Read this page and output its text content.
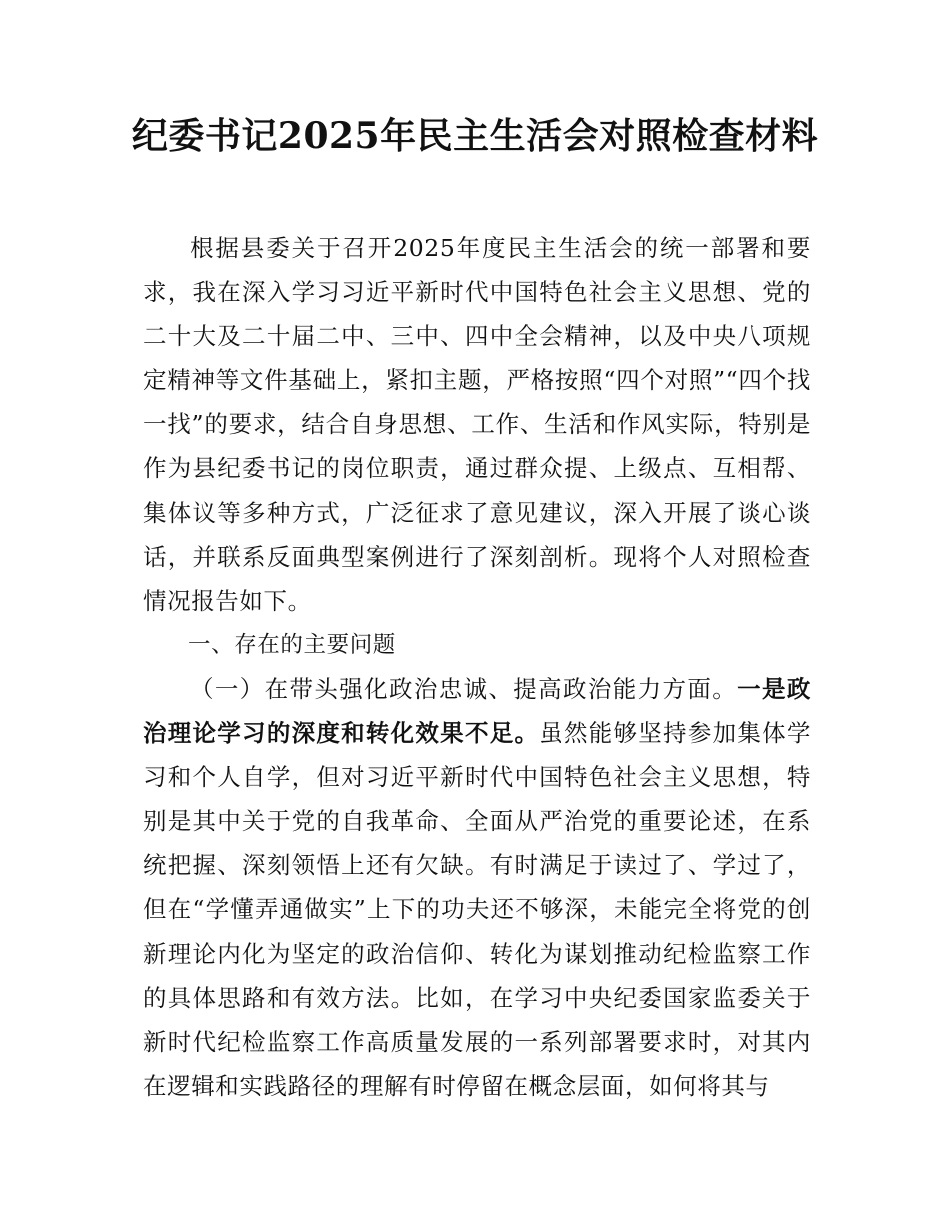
纪委书记2025年民主生活会对照检查材料

根据县委关于召开2025年度民主生活会的统一部署和要求，我在深入学习习近平新时代中国特色社会主义思想、党的二十大及二十届二中、三中、四中全会精神，以及中央八项规定精神等文件基础上，紧扣主题，严格按照“四个对照”“四个找一找”的要求，结合自身思想、工作、生活和作风实际，特别是作为县纪委书记的岗位职责，通过群众提、上级点、互相帮、集体议等多种方式，广泛征求了意见建议，深入开展了谈心谈话，并联系反面典型案例进行了深刻剖析。现将个人对照检查情况报告如下。

一、存在的主要问题

（一）在带头强化政治忠诚、提高政治能力方面。一是政治理论学习的深度和转化效果不足。虽然能够坚持参加集体学习和个人自学，但对习近平新时代中国特色社会主义思想，特别是其中关于党的自我革命、全面从严治党的重要论述，在系统把握、深刻领悟上还有欠缺。有时满足于读过了、学过了，但在“学懂弄通做实”上下的功夫还不够深，未能完全将党的创新理论内化为坚定的政治信仰、转化为谋划推动纪检监察工作的具体思路和有效方法。比如，在学习中央纪委国家监委关于新时代纪检监察工作高质量发展的一系列部署要求时，对其内在逻辑和实践路径的理解有时停留在概念层面，如何将其与
